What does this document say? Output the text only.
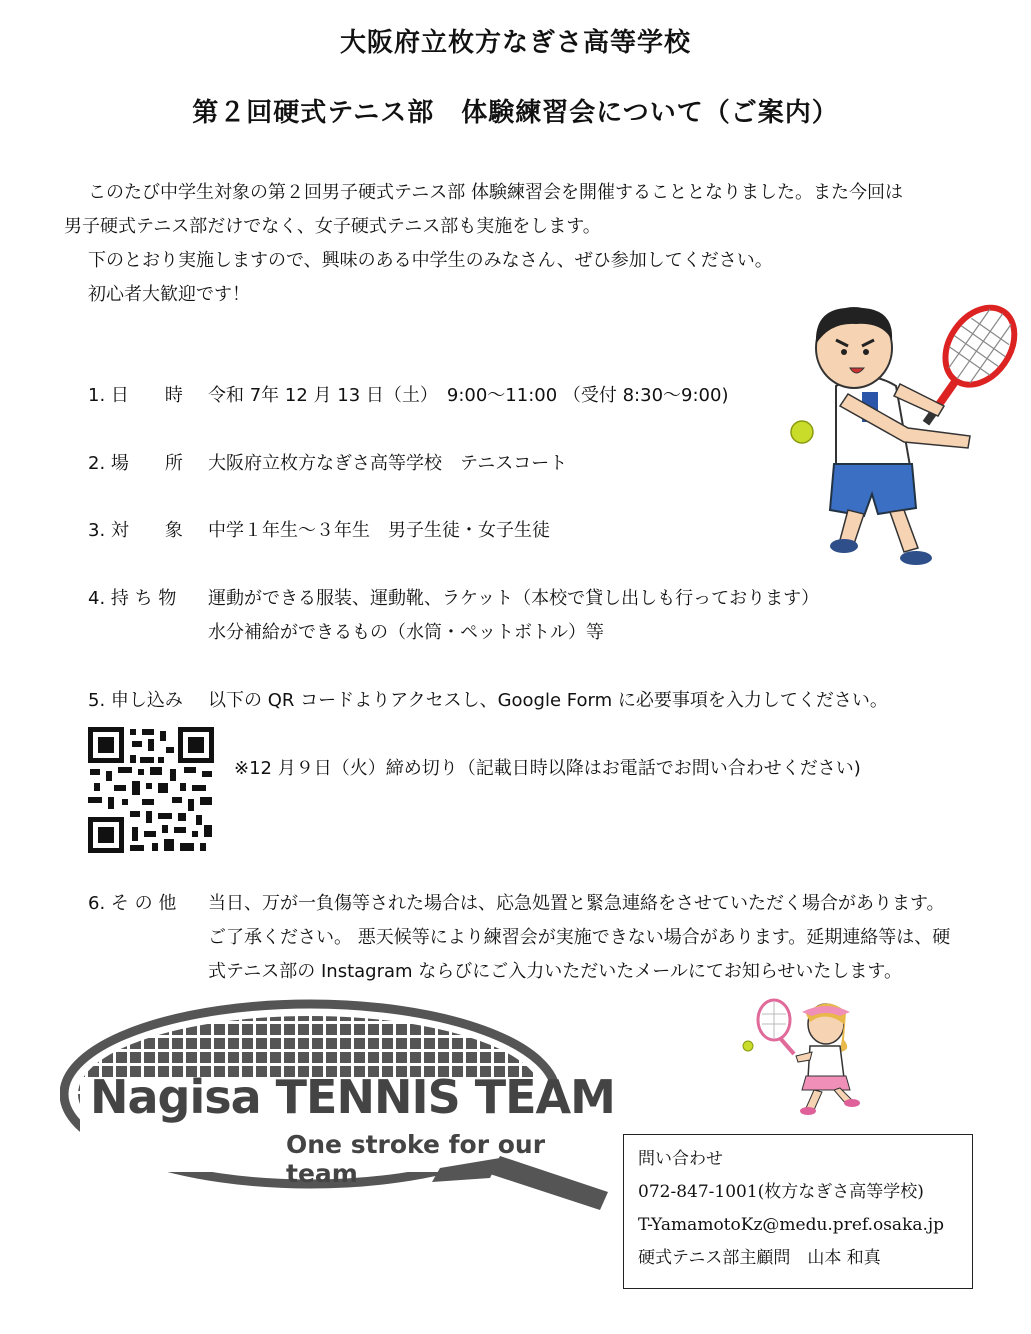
大阪府立枚方なぎさ高等学校
第２回硬式テニス部　体験練習会について（ご案内）
このたび中学生対象の第２回男子硬式テニス部 体験練習会を開催することとなりました。また今回は
男子硬式テニス部だけでなく、女子硬式テニス部も実施をします。
下のとおり実施しますので、興味のある中学生のみなさん、ぜひ参加してください。
初心者大歓迎です！
1. 日　　時 令和 7年 12 月 13 日（土）　9:00～11:00 （受付 8:30～9:00)
2. 場　　所 大阪府立枚方なぎさ高等学校　テニスコート
3. 対　　象 中学１年生～３年生　男子生徒・女子生徒
4. 持 ち 物 運動ができる服装、運動靴、ラケット（本校で貸し出しも行っております）
水分補給ができるもの（水筒・ペットボトル）等
5. 申し込み 以下の QR コードよりアクセスし、Google Form に必要事項を入力してください。
※12 月９日（火）締め切り（記載日時以降はお電話でお問い合わせください)
6. そ の 他 当日、万が一負傷等された場合は、応急処置と緊急連絡をさせていただく場合があります。
ご了承ください。 悪天候等により練習会が実施できない場合があります。延期連絡等は、硬
式テニス部の Instagram ならびにご入力いただいたメールにてお知らせいたします。
Nagisa TENNIS TEAM
One stroke for our team	問い合わせ
072-847-1001(枚方なぎさ高等学校)
T-YamamotoKz@medu.pref.osaka.jp
硬式テニス部主顧問　山本 和真
